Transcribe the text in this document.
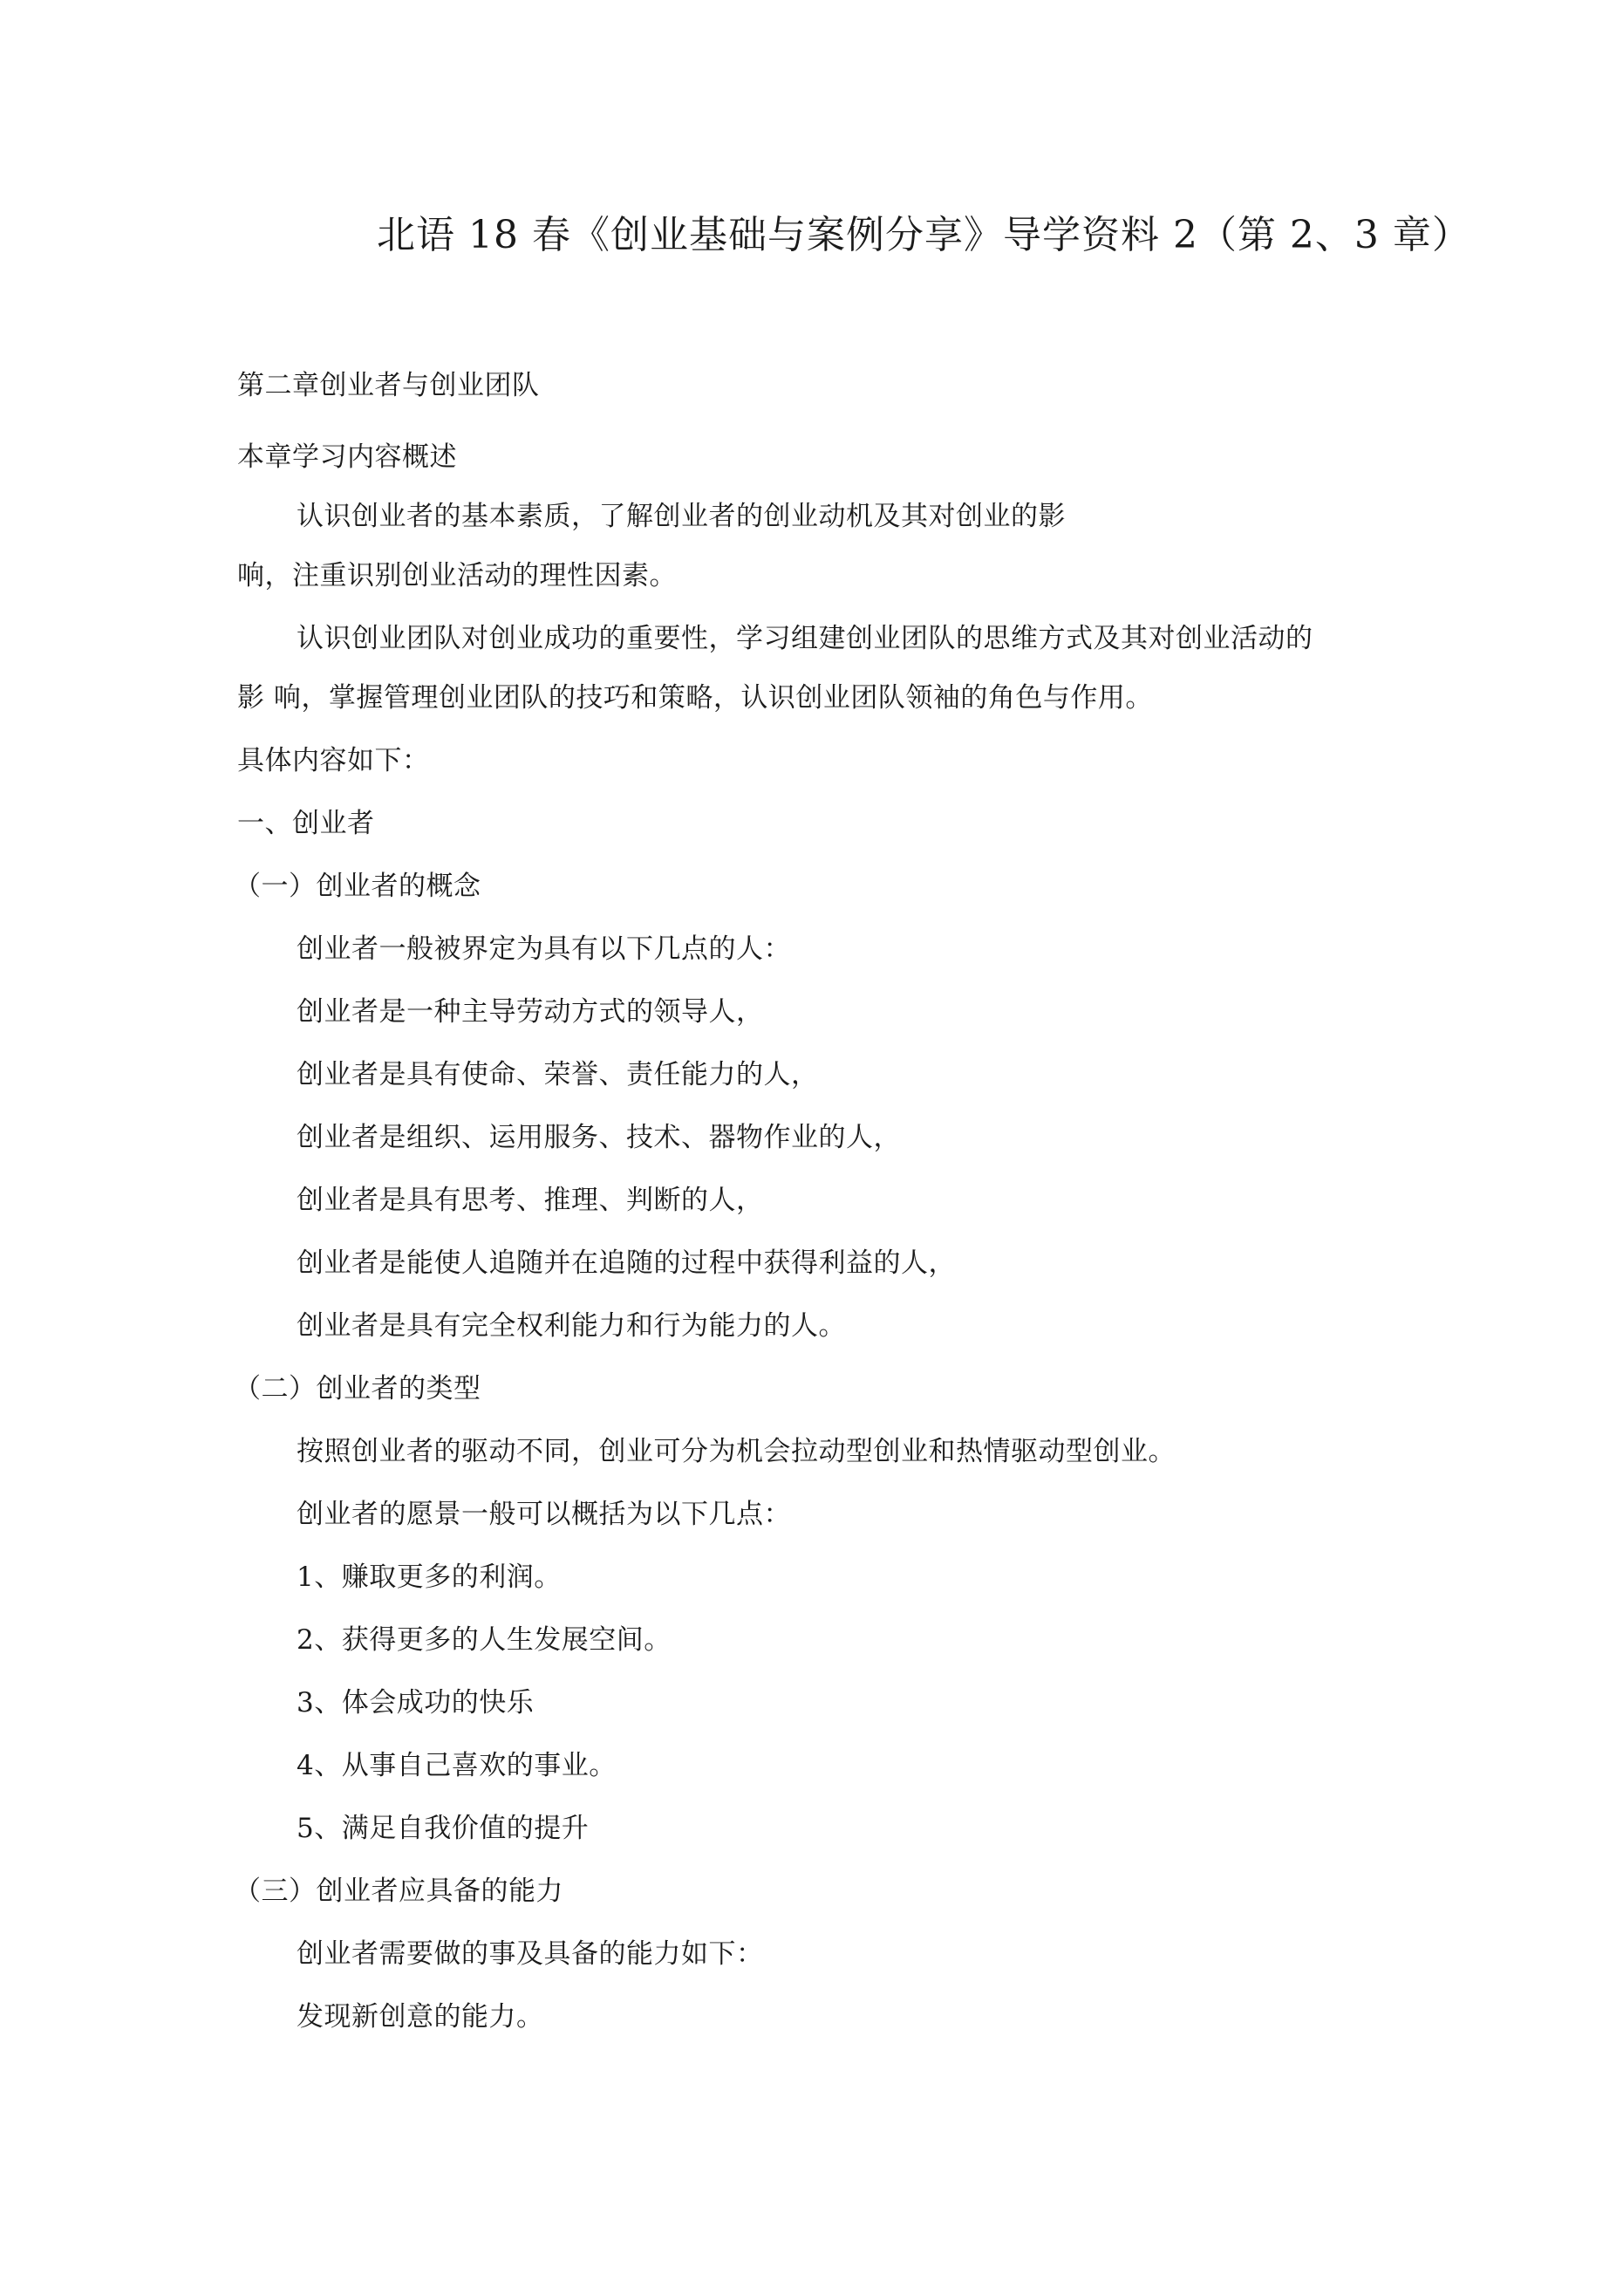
北语 18 春《创业基础与案例分享》导学资料 2（第 2、3 章）
第二章创业者与创业团队
本章学习内容概述
认识创业者的基本素质，了解创业者的创业动机及其对创业的影
响，注重识别创业活动的理性因素。
认识创业团队对创业成功的重要性，学习组建创业团队的思维方式及其对创业活动的
影 响，掌握管理创业团队的技巧和策略，认识创业团队领袖的角色与作用。
具体内容如下：
一、创业者
（一）创业者的概念
创业者一般被界定为具有以下几点的人：
创业者是一种主导劳动方式的领导人，
创业者是具有使命、荣誉、责任能力的人，
创业者是组织、运用服务、技术、器物作业的人，
创业者是具有思考、推理、判断的人，
创业者是能使人追随并在追随的过程中获得利益的人，
创业者是具有完全权利能力和行为能力的人。
（二）创业者的类型
按照创业者的驱动不同，创业可分为机会拉动型创业和热情驱动型创业。
创业者的愿景一般可以概括为以下几点：
1、赚取更多的利润。
2、获得更多的人生发展空间。
3、体会成功的快乐
4、从事自己喜欢的事业。
5、满足自我价值的提升
（三）创业者应具备的能力
创业者需要做的事及具备的能力如下：
发现新创意的能力。
